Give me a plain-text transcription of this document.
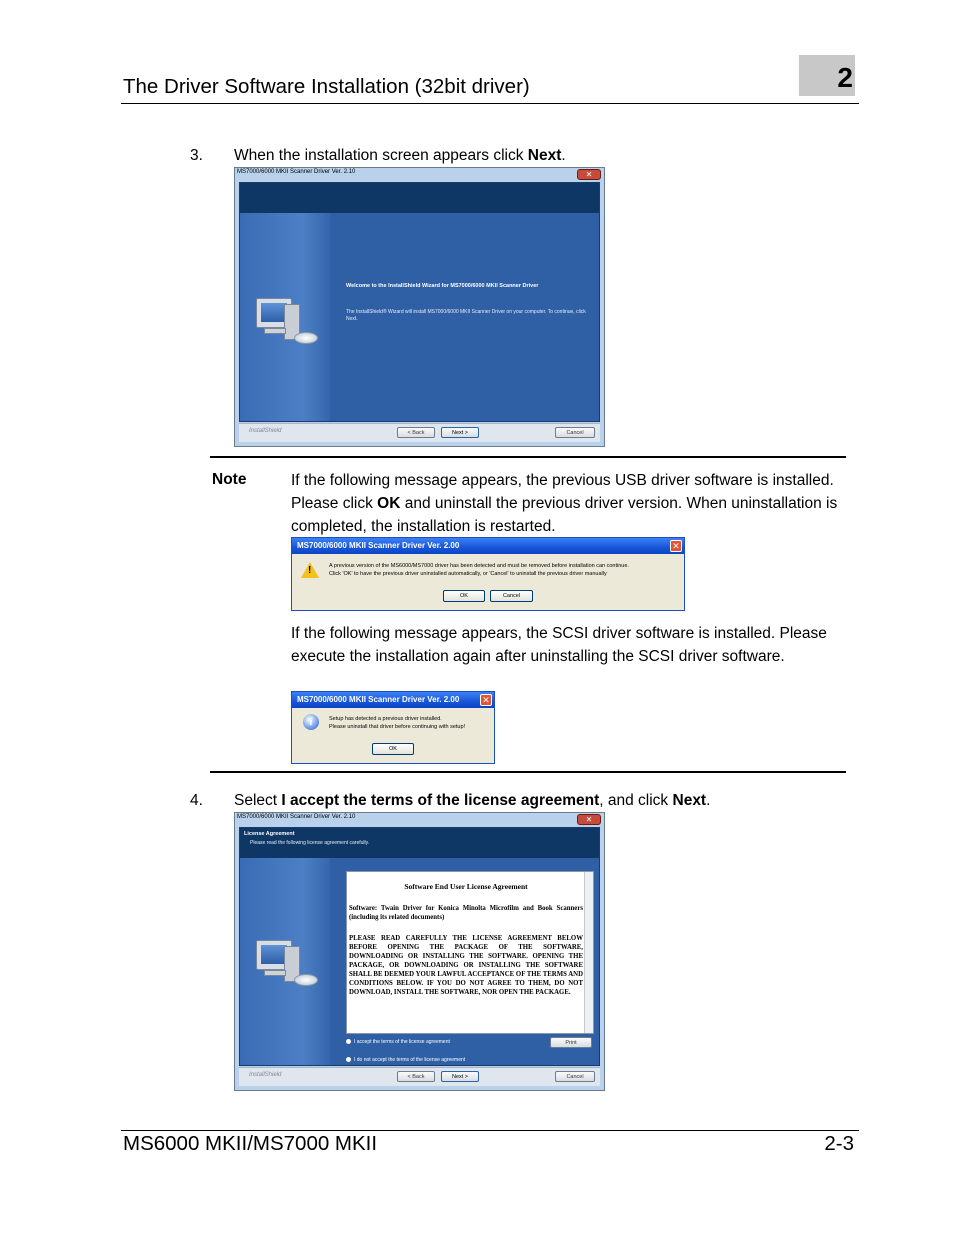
The Driver Software Installation (32bit driver)	2
3. When the installation screen appears click Next.
MS7000/6000 MKII Scanner Driver Ver. 2.10	✕
Welcome to the InstallShield Wizard for MS7000/6000 MKII Scanner Driver
The InstallShield® Wizard will install MS7000/6000 MKII Scanner Driver on your computer. To continue, click Next.
InstallShield	< Back	Next >	Cancel
Note	If the following message appears, the previous USB driver software is installed. Please click OK and uninstall the previous driver version. When uninstallation is completed, the installation is restarted.
MS7000/6000 MKII Scanner Driver Ver. 2.00	✕
!	A previous version of the MS6000/MS7000 driver has been detected and must be removed before installation can continue.
Click 'OK' to have the previous driver uninstalled automatically, or 'Cancel' to uninstall the previous driver manually
OK	Cancel
If the following message appears, the SCSI driver software is installed. Please execute the installation again after uninstalling the SCSI driver software.
MS7000/6000 MKII Scanner Driver Ver. 2.00	✕
i	Setup has detected a previous driver installed.
Please uninstall that driver before continuing with setup!
OK
4. Select I accept the terms of the license agreement, and click Next.
MS7000/6000 MKII Scanner Driver Ver. 2.10	✕
License Agreement
Please read the following license agreement carefully.
Software End User License Agreement
Software: Twain Driver for Konica Minolta Microfilm and Book Scanners (including its related documents)
PLEASE READ CAREFULLY THE LICENSE AGREEMENT BELOW BEFORE OPENING THE PACKAGE OF THE SOFTWARE, DOWNLOADING OR INSTALLING THE SOFTWARE. OPENING THE PACKAGE, OR DOWNLOADING OR INSTALLING THE SOFTWARE SHALL BE DEEMED YOUR LAWFUL ACCEPTANCE OF THE TERMS AND CONDITIONS BELOW. IF YOU DO NOT AGREE TO THEM, DO NOT DOWNLOAD, INSTALL THE SOFTWARE, NOR OPEN THE PACKAGE.
I accept the terms of the license agreement
I do not accept the terms of the license agreement
Print
InstallShield	< Back	Next >	Cancel
MS6000 MKII/MS7000 MKII	2-3
